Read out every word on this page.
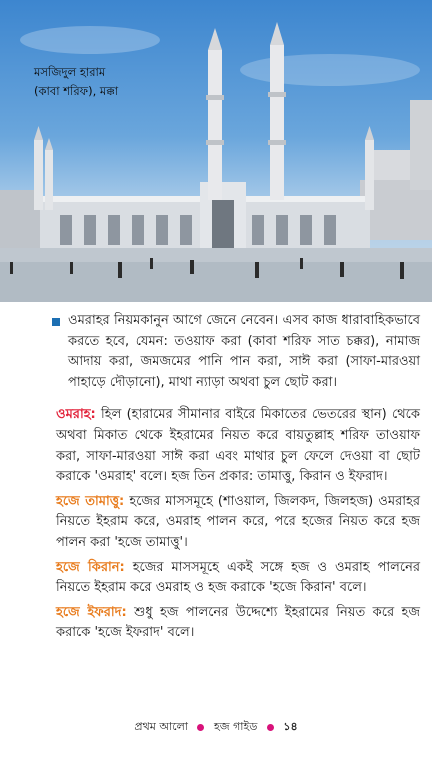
মসজিদুল হারাম
(কাবা শরিফ), মক্কা
ওমরাহর নিয়মকানুন আগে জেনে নেবেন। এসব কাজ ধারাবাহিকভাবে করতে হবে, যেমন: তওয়াফ করা (কাবা শরিফ সাত চক্কর), নামাজ আদায় করা, জমজমের পানি পান করা, সাঈ করা (সাফা-মারওয়া পাহাড়ে দৌড়ানো), মাথা ন্যাড়া অথবা চুল ছোট করা।
ওমরাহ: হিল (হারামের সীমানার বাইরে মিকাতের ভেতরের স্থান) থেকে অথবা মিকাত থেকে ইহরামের নিয়ত করে বায়তুল্লাহ শরিফ তাওয়াফ করা, সাফা-মারওয়া সাঈ করা এবং মাথার চুল ফেলে দেওয়া বা ছোট করাকে 'ওমরাহ' বলে। হজ তিন প্রকার: তামাত্তু, কিরান ও ইফরাদ।
হজে তামাত্তু: হজের মাসসমূহে (শাওয়াল, জিলকদ, জিলহজ) ওমরাহর নিয়তে ইহরাম করে, ওমরাহ পালন করে, পরে হজের নিয়ত করে হজ পালন করা 'হজে তামাত্তু'।
হজে কিরান: হজের মাসসমূহে একই সঙ্গে হজ ও ওমরাহ পালনের নিয়তে ইহরাম করে ওমরাহ ও হজ করাকে 'হজে কিরান' বলে।
হজে ইফরাদ: শুধু হজ পালনের উদ্দেশ্যে ইহরামের নিয়ত করে হজ করাকে 'হজে ইফরাদ' বলে।
প্রথম আলো হজ গাইড ১৪
